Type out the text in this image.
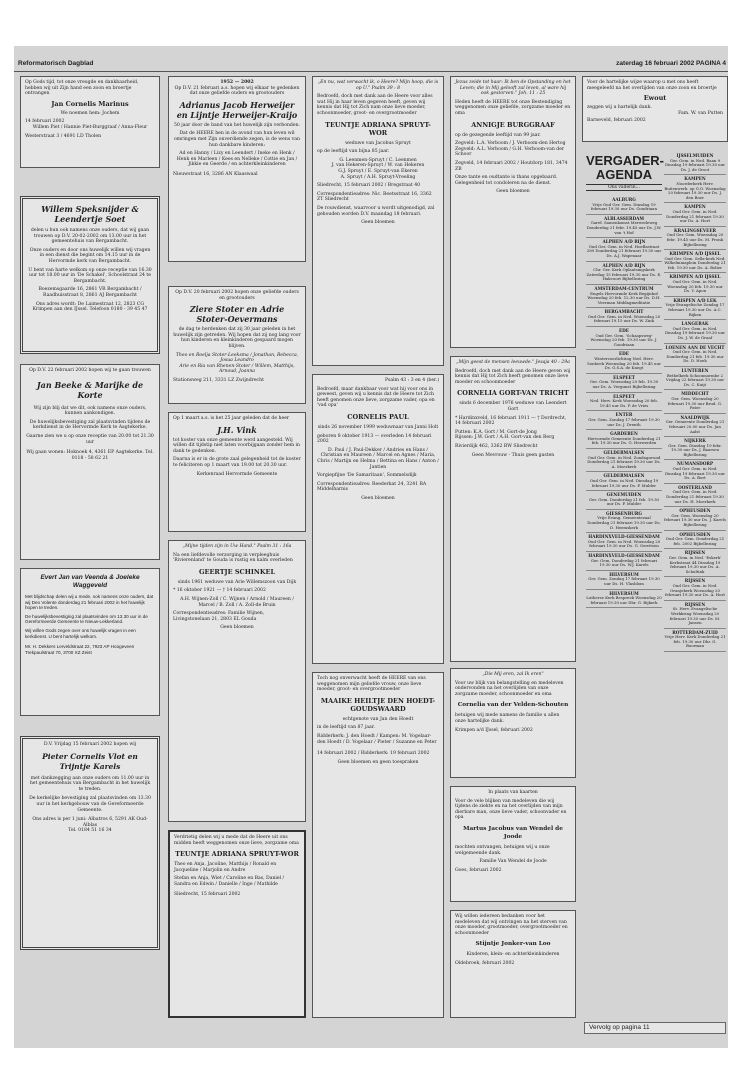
Reformatorisch Dagblad	zaterdag 16 februari 2002 PAGINA 4
Op Gods tijd, tot onze vreugde en dankbaarheid, hebben wij uit Zijn hand een zoon en broertje ontvangen
Jan Cornelis Marinus
We noemen hem: Jochem
14 februari 2002
Willem Piet / Hannie Piet-Burggraaf / Anna-Fleur
Westerstraat 3 / 4691 LD Tholen
Willem Speksnijder & Leendertje Soet
delen u hun ook namens onze ouders, dat wij gaan trouwen op D.V. 20-02-2002 om 13.00 uur in het gemeentehuis van Bergambacht.
Onze ouders en door ons huwelijk willen wij vragen in een dienst die begint om 14.15 uur in de Hervormde kerk van Bergambacht.
U bent van harte welkom op onze receptie van 16.30 uur tot 18.00 uur in 'De Schakel', Schoolstraat 24 te Bergambacht.
Boezemsgaarde 16, 2861 VR Bergambacht / Raadhuisstraat 8, 2861 AJ Bergambacht
Ons adres wordt: De Laimestraat 12, 2823 CG Krimpen aan den IJssel. Telefoon 0180 - 39 45 47
Op D.V. 22 februari 2002 hopen wij te gaan trouwen
Jan Beeke & Marijke de Korte
Wij zijn blij dat we dit, ook namens onze ouders, kunnen aankondigen.
De huwelijksbevestiging zal plaatsvinden tijdens de kerkdienst in de Hervormde Kerk te Aagtekerke.
Gaarne zien we u op onze receptie van 20.00 tot 21.30 uur
Wij gaan wonen: Hoknoek 4, 4361 EP Aagtekerke. Tel. 0118 - 58 62 21
Evert Jan van Veenda & Joeleke Waggeveld
Met blijdschap delen wij u mede, ook namens onze ouders, dat wij Deo Volente donderdag 21 februari 2002 in het huwelijk hopen te treden.
De huwelijksbevestiging zal plaatsvinden om 13.30 uur in de Gereformeerde Gemeente te Nieuw-Lekkerland.
Wij willen Gods zegen over ons huwelijk vragen in een kerkdienst. U bent hartelijk welkom.
Mr. H. Dekkers Lerveldstraat 22, 7923 AP Hoogeveen
Trekpaulstraat 70, 3700 XZ Zeist
D.V. Vrijdag 15 februari 2002 hopen wij
Pieter Cornelis Vlot en Trijntje Karels
met dankzegging aan onze ouders om 11.00 uur in het gemeentehuis van Bergambacht in het huwelijk te treden.
De kerkelijke bevestiging zal plaatsvinden om 13.30 uur in het kerkgebouw van de Gereformeerde Gemeente.
Ons adres is per 1 juni: Albatros 6, 5291 AK Oud-Alblas
Tel. 0184 51 16 34
1952 — 2002
Op D.V. 21 februari a.s. hopen wij elkaar te gedenken dat onze geliefde ouders en grootouders
Adrianus Jacob Herweijer en Lijntje Herweijer-Kraijo
50 jaar door de band van het huwelijk zijn verbonden.
Dat de HEERE hen in de avond van hun leven wil omringen met Zijn onverdiende zegen, is de wens van hun dankbare kinderen:
Ad en Hanny / Lizy en Leendert / Ineke en Henk / Henk en Marleen / Kees en Nelleke / Cottie en Jan / Jikkie en Geerde / en achterkleinkinderen
Nieuwstraat 16, 3286 AN Klaaswaal
Op D.V. 20 februari 2002 hopen onze geliefde ouders en grootouders
Ziere Stoter en Adrie Stoter-Oevermans
de dag te herdenken dat zij 30 jaar geleden in het huwelijk zijn getreden. Wij hopen dat zij nog lang voor hun kinderen en kleinkinderen gespaard mogen blijven.
Theo en Roelja Stoter-Leeksma / Jonathan, Rebecca, Josua Leandro
Arie en Ria van Rhenen-Stoter / Willem, Matthijs, Arnoud, Joanna
Stationsweg 211, 3331 LZ Zwijndrecht
Op 1 maart a.s. is het 25 jaar geleden dat de heer
J.H. Vink
tot koster van onze gemeente werd aangesteld. Wij willen dit tijdstip niet laten voorbijgaan zonder hem in dank te gedenken.
Daarna is er in de grote zaal gelegenheid tot de koster te feliciteren op 1 maart van 19.00 tot 20.30 uur.
Kerkenraad Hervormde Gemeente
„Mijne tijden zijn in Uw Hand." Psalm 31 : 16a
Na een liefdevolle verzorging in verpleeghuis 'Rivierenland' te Gouda is rustig en kalm overleden
GEERTJE SCHINKEL
sinds 1961 weduwe van Arie Willemszoon van Dijk
* 16 oktober 1921 — † 14 februari 2002
A.H. Wijnen-Zoll / C. Wijnen / Arnold / Maureen / Marcel / B. Zoll / A. Zoll-de Bruin
Correspondentieadres: Familie Wijnen, Livingstonelaan 21, 2803 EL Gouda
Geen bloemen
Verdrietig delen wij u mede dat de Heere uit ons midden heeft weggenomen onze lieve, zorgzame oma
TEUNTJE ADRIANA SPRUYT-WOR
Theo en Anja, Jacoline, Matthijs / Ronald en Jacqueline / Marjolin en Andre
Stefan en Anja, Wiet / Caroline en Bas, Daniel / Sandra en Edwin / Danielle / Inge / Mathilde
Sliedrecht, 15 februari 2002
„En nu, wat verwacht ik, o Heere? Mijn hoop, die is op U." Psalm 39 : 8
Bedroefd, doch met dank aan de Heere voor alles wat Hij in haar leven gegeven heeft, geven wij kennis dat Hij tot Zich nam onze lieve moeder, schoonmoeder, groot- en overgrootmoeder
TEUNTJE ADRIANA SPRUYT-WOR
weduwe van Jacobus Spruyt
op de leeftijd van bijna 85 jaar.
G. Leenmen-Spruyt / C. Leenmen
J. van Hekeren-Spruyt / W. van Hekeren
G.J. Spruyt / E. Spruyt-van Ekeren
A. Spruyt / A.H. Spruyt-Vreeling
Sliedrecht, 15 februari 2002 / Bregstraat 40
Correspondentieadres: Nic. Beetsstraat 16, 3362 ZT Sliedrecht
De rouwdienst, waarvoor u wordt uitgenodigd, zal gehouden worden D.V. maandag 18 februari.
Geen bloemen
Psalm 43 : 3 en 4 (ber.)
Bedroefd, maar dankbaar voor wat hij voor ons in geweest, geven wij u kennis dat de Heere tot Zich heeft genomen onze lieve, zorgzame vader, opa en 'vad opa'
CORNELIS PAUL
sinds 26 november 1999 weduwnaar van Janni Holt
geboren 8 oktober 1913 — overleden 14 februari 2002
D. Paul / J. Paul-Dekker / Andries en Hans / Christian en Maureen / Marcel en Agnes / Maria, Chris / Martijn en Helma / Bettina en Hans / Anton / Jantien
Vorgiepfijne 'De Samaritaan', Sommelsdijk
Correspondentieadres: Reederkat 24, 3241 BA Middelharnis
Geen bloemen
Toch nog onverwacht heeft de HEERE van ons weggenomen mijn geliefde vrouw, onze lieve moeder, groot- en overgrootmoeder
MAAIKE HEILTJE DEN HOEDT-GOUDSWAARD
echtgenote van Jan den Hoedt
in de leeftijd van 87 jaar.
Ridderkerk: J. den Hoedt / Kampen: M. Vogelaar-den Hoedt / D. Vogelaar / Pieter / Suzanne en Peter
14 februari 2002 / Ridderkerk: 19 februari 2002
Geen bloemen en geen toespraken
Jezus zeide tot haar: Ik ben de Opstanding en het Leven; die in Mij gelooft zal leven, al ware hij ook gestorven." Joh. 11 : 25
Heden heeft de HEERE tot onze Bestendiging weggenomen onze geliefde, zorgzame moeder en oma
ANNIGJE BURGGRAAF
op de gezegende leeftijd van 99 jaar.
Zegveld: L.A. Verboom / J. Verboom-den Hertog
Zegveld: A.L. Verboom / G.H. Verboom-van der Schoor
Zegveld, 14 februari 2002 / Houtdorp 181, 3474 ZB
Onze tante en oudtante is thans opgebaard.
Gelegenheid tot condoleren na de dienst.
Geen bloemen
„Mijn geest de mensen leeuwde." Jesaja 40 : 29a
Bedroefd, doch met dank aan de Heere geven wij kennis dat Hij tot Zich heeft genomen onze lieve moeder en schoonmoeder
CORNELIA GORT-VAN TRICHT
sinds 6 december 1976 weduwe van Leendert Gort
* Hardinxveld, 16 februari 1911 — † Dordrecht, 14 februari 2002
Putten: K.A. Gort / M. Gort-de Jong
Rijssen: J.W. Gort / A.H. Gort-van den Berg
Rivierdijk 462, 3362 BW Sliedrecht
Geen Mevrouw - Thuis geen gasten
„Die Mij eren, zal Ik eren"
Voor uw blijk van belangstelling en medeleven ondervonden na het overlijden van onze zorgzame moeder, schoonmoeder en oma
Cornelia van der Velden-Schouten
betuigen wij mede namens de familie u allen onze hartelijke dank.
Krimpen a/d IJssel, februari 2002
In plaats van kaarten
Voor de vele blijken van medeleven die wij tijdens de ziekte en na het overlijden van mijn dierbare man, onze lieve vader, schoonvader en opa
Martus Jacobus van Wendel de Joode
mochten ontvangen, betuigen wij u onze welgemeende dank.
Familie Van Wendel de Joode
Goes, februari 2002
Wij willen iedereen bedanken voor het medeleven dat wij ontvingen na het sterven van onze moeder, grootmoeder, overgrootmoeder en schoonmoeder
Stijntje Jonker-van Loo
Kinderen, klein- en achterkleinkinderen
Oldebroek, februari 2002
Voor de hartelijke wijze waarop u met ons heeft meegeleefd na het overlijden van onze zoon en broertje
Ewout
zeggen wij u hartelijk dank.
Fam. W. van Putten
Barneveld, februari 2002
VERGADER-AGENDA
Ons vaderin...
AALBURG
Vrije Oud Ger. Gem. Dinsdag 19 februari 19.30 uur Ds. Goudriaan
ALBLASSERDAM
Garef. Samenkomst Merwedeweg Donderdag 21 febr. 19.45 uur Ds. J.W. van 't Hof
ALPHEN A/D RIJN
Oud Ger. Gem. in Ned. Hoeflastraat 289 Donderdag 21 februari 19.30 uur Ds. A.J. Wapenaar
ALPHEN A/D RIJN
Chr. Ger. Kerk Oplaatsingskerk Zaterdag 15 februari 19.30 uur Ds. E. Hakvoort Bijbellezing
AMSTERDAM-CENTRUM
Engels Hervormde Kerk Begijnhof Woensdag 20 feb. 12.30 uur Ds. D.H. Veerman Middagmeditatie
BERGAMBACHT
Oud Ger. Gem. in Ned. Woensdag 20 februari 19.15 uur Ds. W. Zink
EDE
Oud Ger. Gem. 'Schaapsweg' Woensdag 20 feb. 19.30 uur Ds. J. Goudriaan
EDE
Wintervoorlichting Ned. Herv. Sonbeek Woensdag 20 feb. 19.45 uur Ds. G.S.A. de Knegt
ELSPEET
Ger. Gem. Woensdag 20 feb. 19.30 uur Ds. A. Vergunst Bijbellezing
ELSPEET
Ned. Herv. Kerk Woensdag 20 feb. 19.45 uur Ds. P. de Vries
ENTER
Ger. Gem. Zondag 17 februari 19.30 uur Ds. J. Drenth
GARDEREN
Hervormde Gemeente Donderdag 21 feb. 19.30 uur Ds. G. Herwerden
GELDERMALSEN
Oud Ger. Gem. in Ned. Zondagavond Donderdag 21 februari 19.30 uur Ds. A. Moerkerk
GELDERMALSEN
Oud Ger. Gem. in Ned. Dinsdag 19 februari 19.30 uur Ds. P. Mulder
GENEMUIDEN
Ger. Gem. Donderdag 21 feb. 19.30 uur Ds. P. Mulder
GIESSENBURG
Vrije Evang. Gemeentezaal Donderdag 21 februari 19.30 uur Ds. D. Heemskerk
HARDINXVELD-GIESSENDAM
Oud Ger. Gem. in Ned. Woensdag 20 februari 19.30 uur Ds. G. Gerritsen
HARDINXVELD-GIESSENDAM
Ger. Gem. Donderdag 21 februari 19.30 uur Ds. W.J. Karels
HILVERSUM
Ger. Gem. Zondag 17 februari 19.30 uur Ds. H. Vlasblom
HILVERSUM
Lutherse Kerk Bespreek Woensdag 20 februari 19.30 uur Dhr. G. Bijkerk
IJSSELMUIDEN
Ger. Gem. in Ned. Baan 9 Dinsdag 19 februari 19.30 uur Ds. J. de Groot
KAMPEN
Noorderkerk Herv. Buitenwerk. op G.G. Woensdag 20 februari 19.30 uur Ds. J. den Boer
KAMPEN
Oud Ger. Gem. in Ned. Donderdag 21 februari 19.30 uur Ds. A. Hort
KRALINGSEVEER
Oud Ger. Gem. Woensdag 20 febr. 19.45 uur Ds. M. Pronk Bijbellezing
KRIMPEN A/D IJSSEL
Oud Ger. Gem. Sella-kerk Ned. Wilhelminaplein Donderdag 21 feb. 19.30 uur Ds. A. Bolier
KRIMPEN A/D IJSSEL
Oud Ger. Gem. in Ned. Woensdag 20 feb. 19.30 uur Ds. Y. Apon
KRISPEN A/D LEK
Vrije Evangelische Zondag 17 februari 19.30 uur Ds. A.C. Rijken
LANGERAK
Oud Ger. Gem. in Ned. Dinsdag 19 februari 19.30 uur Ds. J. W. de Graaf
LOENEN AAN DE VECHT
Oud Ger. Gem. in Ned. Donderdag 21 feb. 19.30 uur Ds. D. Hoek
LUNTEREN
Bethelkerk Schoonnormbe 2 Vrijdag 22 februari 19.30 uur Ds. C. Kuijt
MIDDECHT
Ger. Gem. Woensdag 20 februari 19.30 uur Brud. G. Pater
NAALDWIJK
Ger. Gemeente Donderdag 21 februari 20.00 uur Ds. Jan Aalst
NIJKERK
Ger. Gem. Dinsdag 19 febr. 19.30 uur Ds. J. Baarsen Bijbellezing
NUMANSDORP
Oud Ger. Gem. in Ned. Dinsdag 19 februari 19.30 uur Ds. A. Bort
OOSTERLAND
Oud Ger. Gem. in Ned. Donderdag 21 februari 19.30 uur Ds. H. Moerkerk
OPHEUSDEN
Ger. Gem. Woensdag 20 februari 19.30 uur Ds. J. Karels Bijbellezing
OPHEUSDEN
Oud Ger. Gem. Donderdag 21 feb. 2002 Bijbellezing
RIJSSEN
Ger. Gem. in Ned. 'Eskerk' Kerkstraat 44 Dinsdag 19 februari 19.30 uur Ds. A. Schultink
RIJSSEN
Oud Ger. Gem. in Ned. Oranjekerk Woensdag 20 februari 19.30 uur Ds. A. Hort
RIJSSEN
St. Herv. Evangelische Werkkring Woensdag 20 februari 19.30 uur Ds. M. Jansen
ROTTERDAM-ZUID
Vrije Herv. Kerk Donderdag 21 feb. 19.30 uur Dhr. G. Boorman
Vervolg op pagina 11
